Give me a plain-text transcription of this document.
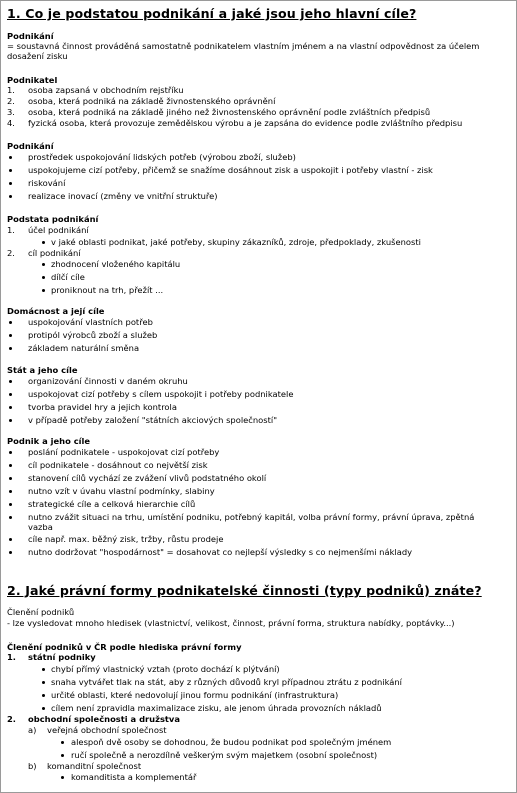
1. Co je podstatou podnikání a jaké jsou jeho hlavní cíle?
Podnikání
= soustavná činnost prováděná samostatně podnikatelem vlastním jménem a na vlastní odpovědnost za účelem
dosažení zisku
Podnikatel
1. osoba zapsaná v obchodním rejstříku
2. osoba, která podniká na základě živnostenského oprávnění
3. osoba, která podniká na základě jiného než živnostenského oprávnění podle zvláštních předpisů
4. fyzická osoba, která provozuje zemědělskou výrobu a je zapsána do evidence podle zvláštního předpisu
Podnikání
prostředek uspokojování lidských potřeb (výrobou zboží, služeb)
uspokojujeme cizí potřeby, přičemž se snažíme dosáhnout zisk a uspokojit i potřeby vlastní - zisk
riskování
realizace inovací (změny ve vnitřní struktuře)
Podstata podnikání
1. účel podnikání
v jaké oblasti podnikat, jaké potřeby, skupiny zákazníků, zdroje, předpoklady, zkušenosti
2. cíl podnikání
zhodnocení vloženého kapitálu
dílčí cíle
proniknout na trh, přežít ...
Domácnost a její cíle
uspokojování vlastních potřeb
protipól výrobců zboží a služeb
základem naturální směna
Stát a jeho cíle
organizování činnosti v daném okruhu
uspokojovat cizí potřeby s cílem uspokojit i potřeby podnikatele
tvorba pravidel hry a jejich kontrola
v případě potřeby založení "státních akciových společností"
Podnik a jeho cíle
poslání podnikatele - uspokojovat cizí potřeby
cíl podnikatele - dosáhnout co největší zisk
stanovení cílů vychází ze zvážení vlivů podstatného okolí
nutno vzít v úvahu vlastní podmínky, slabiny
strategické cíle a celková hierarchie cílů
nutno zvážit situaci na trhu, umístění podniku, potřebný kapitál, volba právní formy, právní úprava, zpětná
vazba
cíle např. max. běžný zisk, tržby, růstu prodeje
nutno dodržovat "hospodárnost" = dosahovat co nejlepší výsledky s co nejmenšími náklady
2. Jaké právní formy podnikatelské činnosti (typy podniků) znáte?
Členění podniků
- lze vysledovat mnoho hledisek (vlastnictví, velikost, činnost, právní forma, struktura nabídky, poptávky...)
Členění podniků v ČR podle hlediska právní formy
1. státní podniky
chybí přímý vlastnický vztah (proto dochází k plýtvání)
snaha vytvářet tlak na stát, aby z různých důvodů kryl případnou ztrátu z podnikání
určité oblasti, které nedovolují jinou formu podnikání (infrastruktura)
cílem není zpravidla maximalizace zisku, ale jenom úhrada provozních nákladů
2. obchodní společnosti a družstva
a) veřejná obchodní společnost
alespoň dvě osoby se dohodnou, že budou podnikat pod společným jménem
ručí společně a nerozdílně veškerým svým majetkem (osobní společnost)
b) komanditní společnost
komanditista a komplementář
